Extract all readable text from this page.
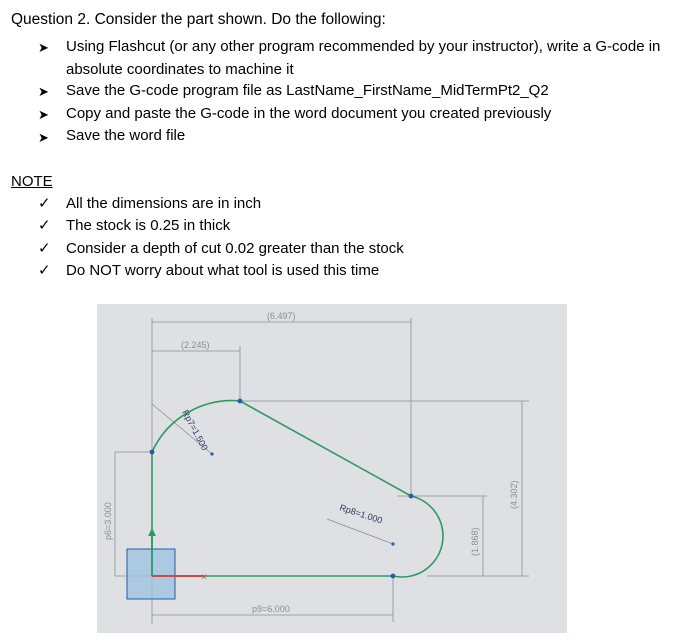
Question 2. Consider the part shown. Do the following:
➤ Using Flashcut (or any other program recommended by your instructor), write a G-code in
absolute coordinates to machine it
➤ Save the G-code program file as LastName_FirstName_MidTermPt2_Q2
➤ Copy and paste the G-code in the word document you created previously
➤ Save the word file
NOTE
✓ All the dimensions are in inch
✓ The stock is 0.25 in thick
✓ Consider a depth of cut 0.02 greater than the stock
✓ Do NOT worry about what tool is used this time
×
(6.497)
(2.245)
(4.302)
(1.868)
Rp7=1.500
Rp8=1.000
p6=3.000
p9=6.000
